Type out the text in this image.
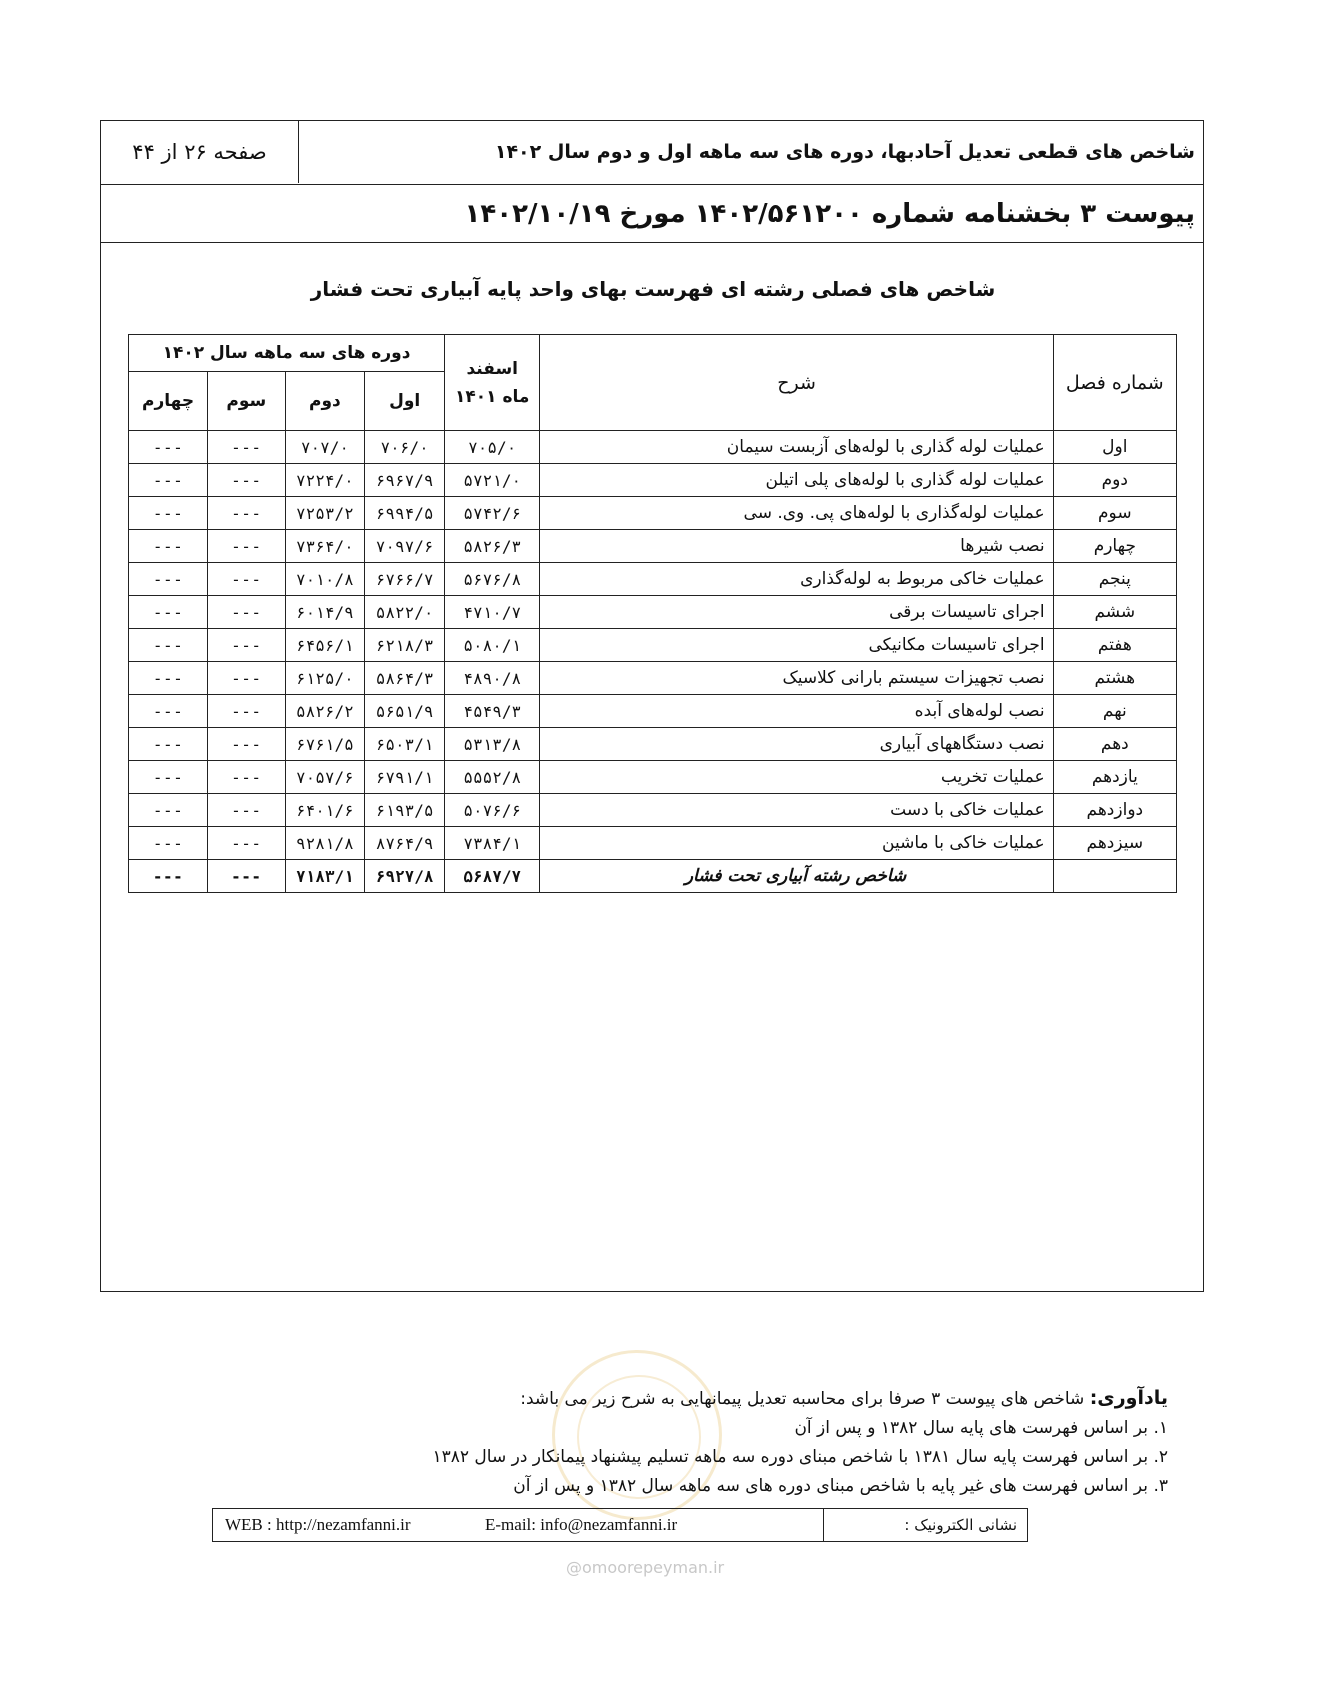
صفحه ۲۶ از ۴۴	شاخص های قطعی تعدیل آحادبها، دوره های سه ماهه اول و دوم سال ۱۴۰۲
پیوست ۳ بخشنامه شماره ۱۴۰۲/۵۶۱۲۰۰ مورخ ۱۴۰۲/۱۰/۱۹
شاخص های فصلی رشته ای فهرست بهای واحد پایه آبیاری تحت فشار
شماره فصل	شرح	اسفند ماه ۱۴۰۱	دوره های سه ماهه سال ۱۴۰۲			
			اول	دوم	سوم	چهارم
اول	عملیات لوله گذاری با لوله‌های آزبست سیمان	۷۰۵/۰	۷۰۶/۰	۷۰۷/۰	---	---
دوم	عملیات لوله گذاری با لوله‌های پلی اتیلن	۵۷۲۱/۰	۶۹۶۷/۹	۷۲۲۴/۰	---	---
سوم	عملیات لوله‌گذاری با لوله‌های پی. وی. سی	۵۷۴۲/۶	۶۹۹۴/۵	۷۲۵۳/۲	---	---
چهارم	نصب شیرها	۵۸۲۶/۳	۷۰۹۷/۶	۷۳۶۴/۰	---	---
پنجم	عملیات خاکی مربوط به لوله‌گذاری	۵۶۷۶/۸	۶۷۶۶/۷	۷۰۱۰/۸	---	---
ششم	اجرای تاسیسات برقی	۴۷۱۰/۷	۵۸۲۲/۰	۶۰۱۴/۹	---	---
هفتم	اجرای تاسیسات مکانیکی	۵۰۸۰/۱	۶۲۱۸/۳	۶۴۵۶/۱	---	---
هشتم	نصب تجهیزات سیستم بارانی کلاسیک	۴۸۹۰/۸	۵۸۶۴/۳	۶۱۲۵/۰	---	---
نهم	نصب لوله‌های آبده	۴۵۴۹/۳	۵۶۵۱/۹	۵۸۲۶/۲	---	---
دهم	نصب دستگاههای آبیاری	۵۳۱۳/۸	۶۵۰۳/۱	۶۷۶۱/۵	---	---
یازدهم	عملیات تخریب	۵۵۵۲/۸	۶۷۹۱/۱	۷۰۵۷/۶	---	---
دوازدهم	عملیات خاکی با دست	۵۰۷۶/۶	۶۱۹۳/۵	۶۴۰۱/۶	---	---
سیزدهم	عملیات خاکی با ماشین	۷۳۸۴/۱	۸۷۶۴/۹	۹۲۸۱/۸	---	---
	شاخص رشته آبیاری تحت فشار	۵۶۸۷/۷	۶۹۲۷/۸	۷۱۸۳/۱	---	---
یادآوری: شاخص های پیوست ۳ صرفا برای محاسبه تعدیل پیمانهایی به شرح زیر می باشد:
۱. بر اساس فهرست های پایه سال ۱۳۸۲ و پس از آن
۲. بر اساس فهرست پایه سال ۱۳۸۱ با شاخص مبنای دوره سه ماهه تسلیم پیشنهاد پیمانکار در سال ۱۳۸۲
۳. بر اساس فهرست های غیر پایه با شاخص مبنای دوره های سه ماهه سال ۱۳۸۲ و پس از آن
نشانی الکترونیک :
WEB : http://nezamfanni.ir	E-mail: info@nezamfanni.ir
@omoorepeyman.ir
